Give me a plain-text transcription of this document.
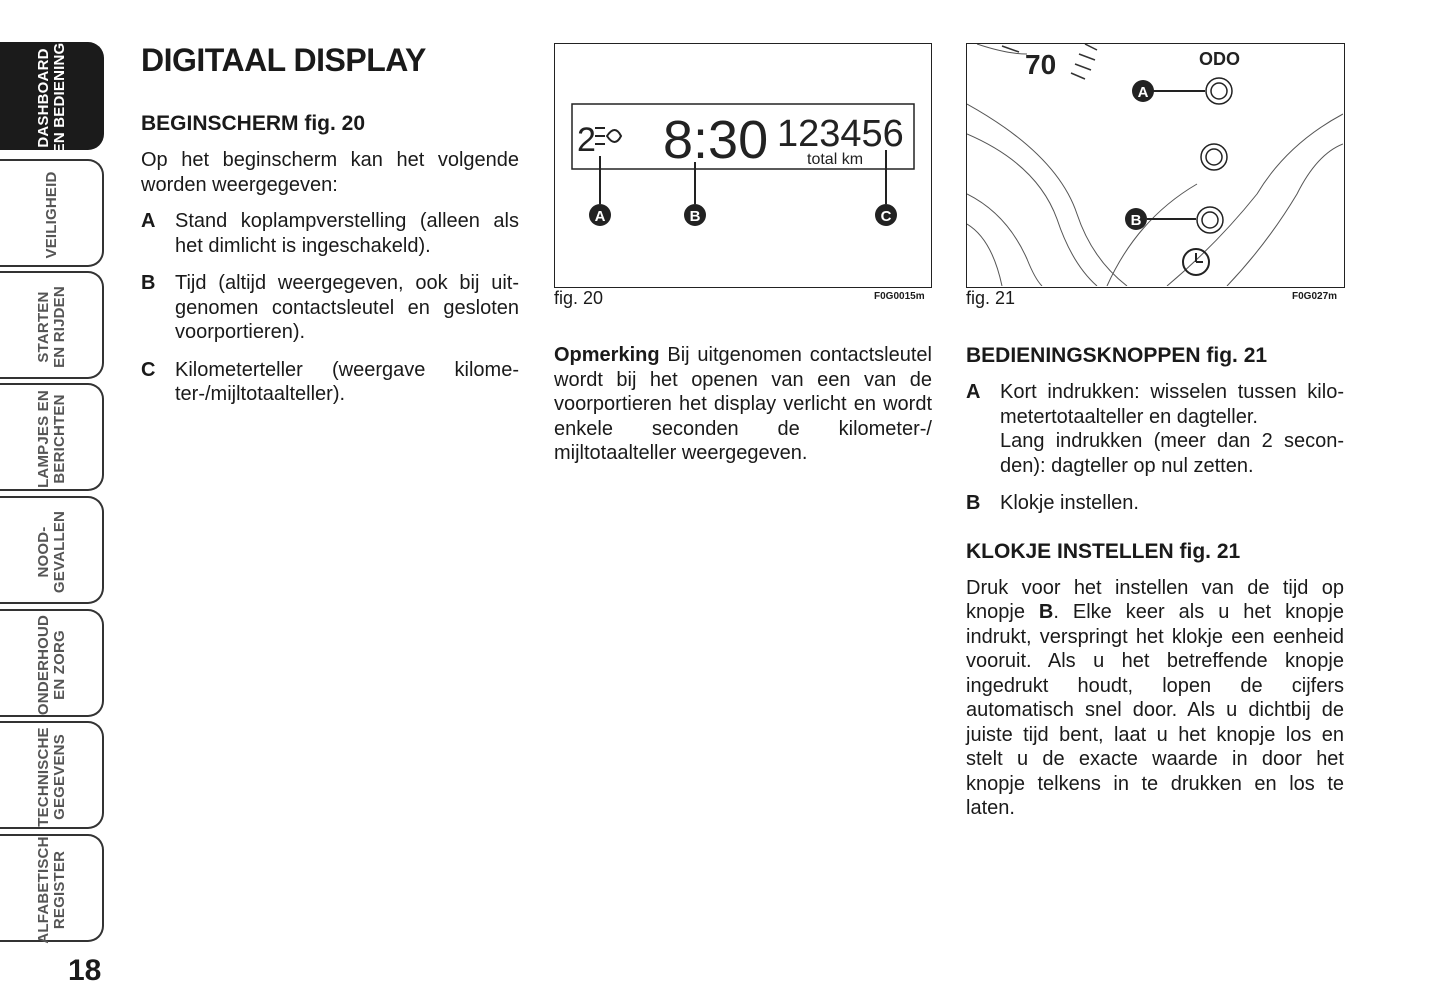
DASHBOARD
EN BEDIENING
VEILIGHEID
STARTEN
EN RIJDEN
LAMPJES EN
BERICHTEN
NOOD-
GEVALLEN
ONDERHOUD
EN ZORG
TECHNISCHE
GEGEVENS
ALFABETISCH
REGISTER
18
DIGITAAL DISPLAY
BEGINSCHERM fig. 20

Op het beginscherm kan het volgende worden weergegeven:

A Stand koplampverstelling (alleen als het dimlicht is ingeschakeld).
B Tijd (altijd weergegeven, ook bij uitgenomen contactsleutel en gesloten voorportieren).
C Kilometerteller (weergave kilometer-/mijltotaalteller).
2 8:30 123456
total km
A	B	C
fig. 20	F0G0015m

Opmerking Bij uitgenomen contactsleutel wordt bij het openen van een van de voorportieren het display verlicht en wordt enkele seconden de kilometer-/ mijltotaalteller weergegeven.

70	ODO
A
B
fig. 21	F0G027m
BEDIENINGSKNOPPEN fig. 21
A Kort indrukken: wisselen tussen kilometertotaalteller en dagteller.
Lang indrukken (meer dan 2 seconden): dagteller op nul zetten.
B Klokje instellen.
KLOKJE INSTELLEN fig. 21

Druk voor het instellen van de tijd op knopje B. Elke keer als u het knopje indrukt, verspringt het klokje een eenheid vooruit. Als u het betreffende knopje ingedrukt houdt, lopen de cijfers automatisch snel door. Als u dichtbij de juiste tijd bent, laat u het knopje los en stelt u de exacte waarde in door het knopje telkens in te drukken en los te laten.
